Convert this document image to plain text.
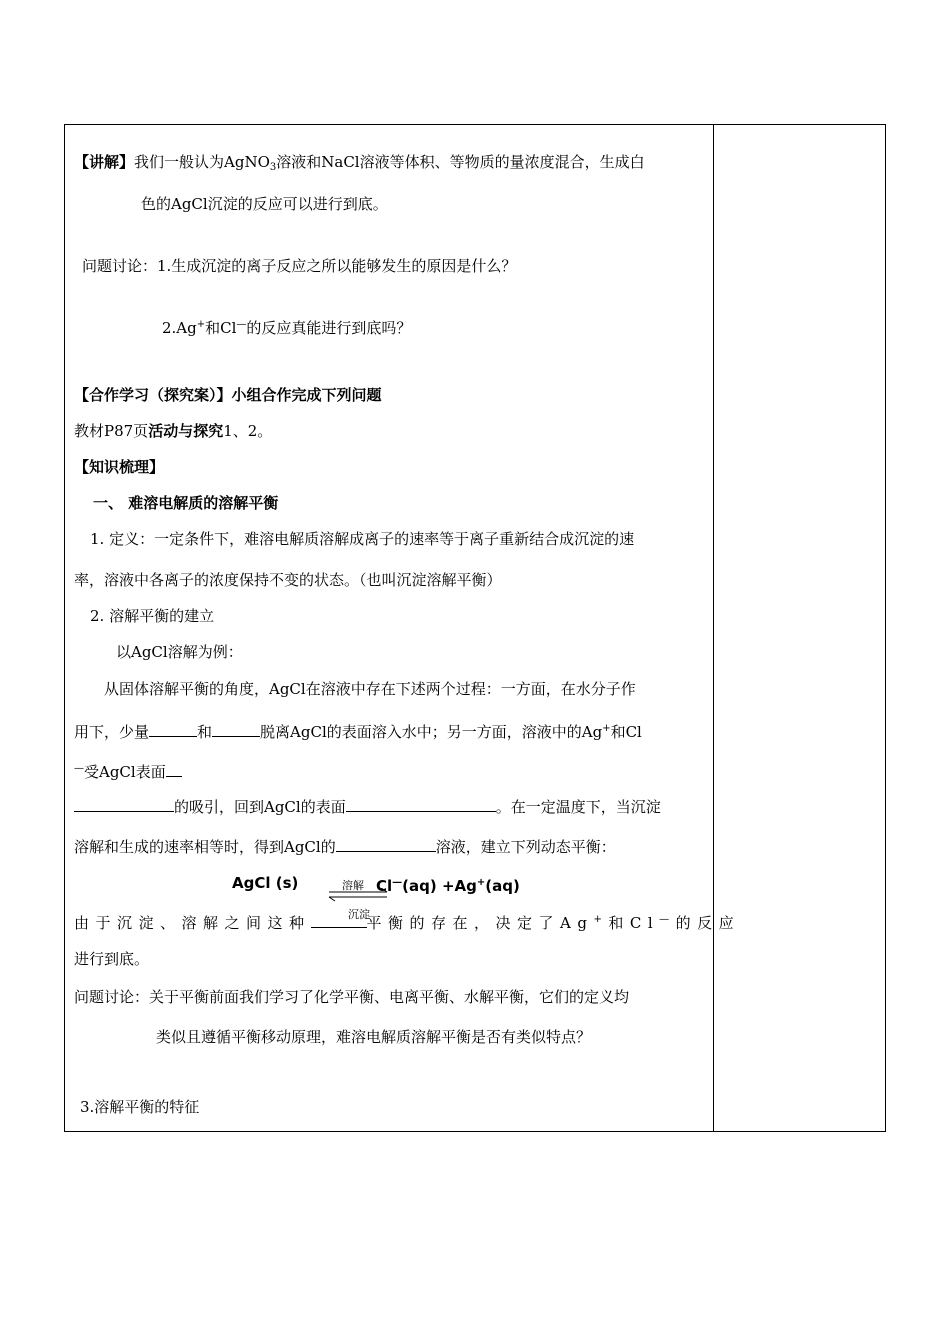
【讲解】我们一般认为AgNO$_3$溶液和NaCl溶液等体积、等物质的量浓度混合，生成白
色的AgCl沉淀的反应可以进行到底。
问题讨论：1.生成沉淀的离子反应之所以能够发生的原因是什么？
2.Ag+和Cl—的反应真能进行到底吗？
【合作学习（探究案）】小组合作完成下列问题
教材P87页活动与探究1、2。
【知识梳理】
一、 难溶电解质的溶解平衡
1. 定义：一定条件下，难溶电解质溶解成离子的速率等于离子重新结合成沉淀的速
率，溶液中各离子的浓度保持不变的状态。（也叫沉淀溶解平衡）
2. 溶解平衡的建立
以AgCl溶解为例：
从固体溶解平衡的角度，AgCl在溶液中存在下述两个过程：一方面，在水分子作
用下，少量	和	脱离AgCl的表面溶入水中；另一方面，溶液中的Ag+和Cl
—受AgCl表面
的吸引，回到AgCl的表面	。在一定温度下，当沉淀
溶解和生成的速率相等时，得到AgCl的	溶液，建立下列动态平衡：
AgCl (s)	溶解
沉淀
Cl—(aq) +Ag+(aq)
由于沉淀、溶解之间这种	平衡的存在，决定了Ag+和Cl—的反应
进行到底。
问题讨论：关于平衡前面我们学习了化学平衡、电离平衡、水解平衡，它们的定义均
类似且遵循平衡移动原理，难溶电解质溶解平衡是否有类似特点？
3.溶解平衡的特征
